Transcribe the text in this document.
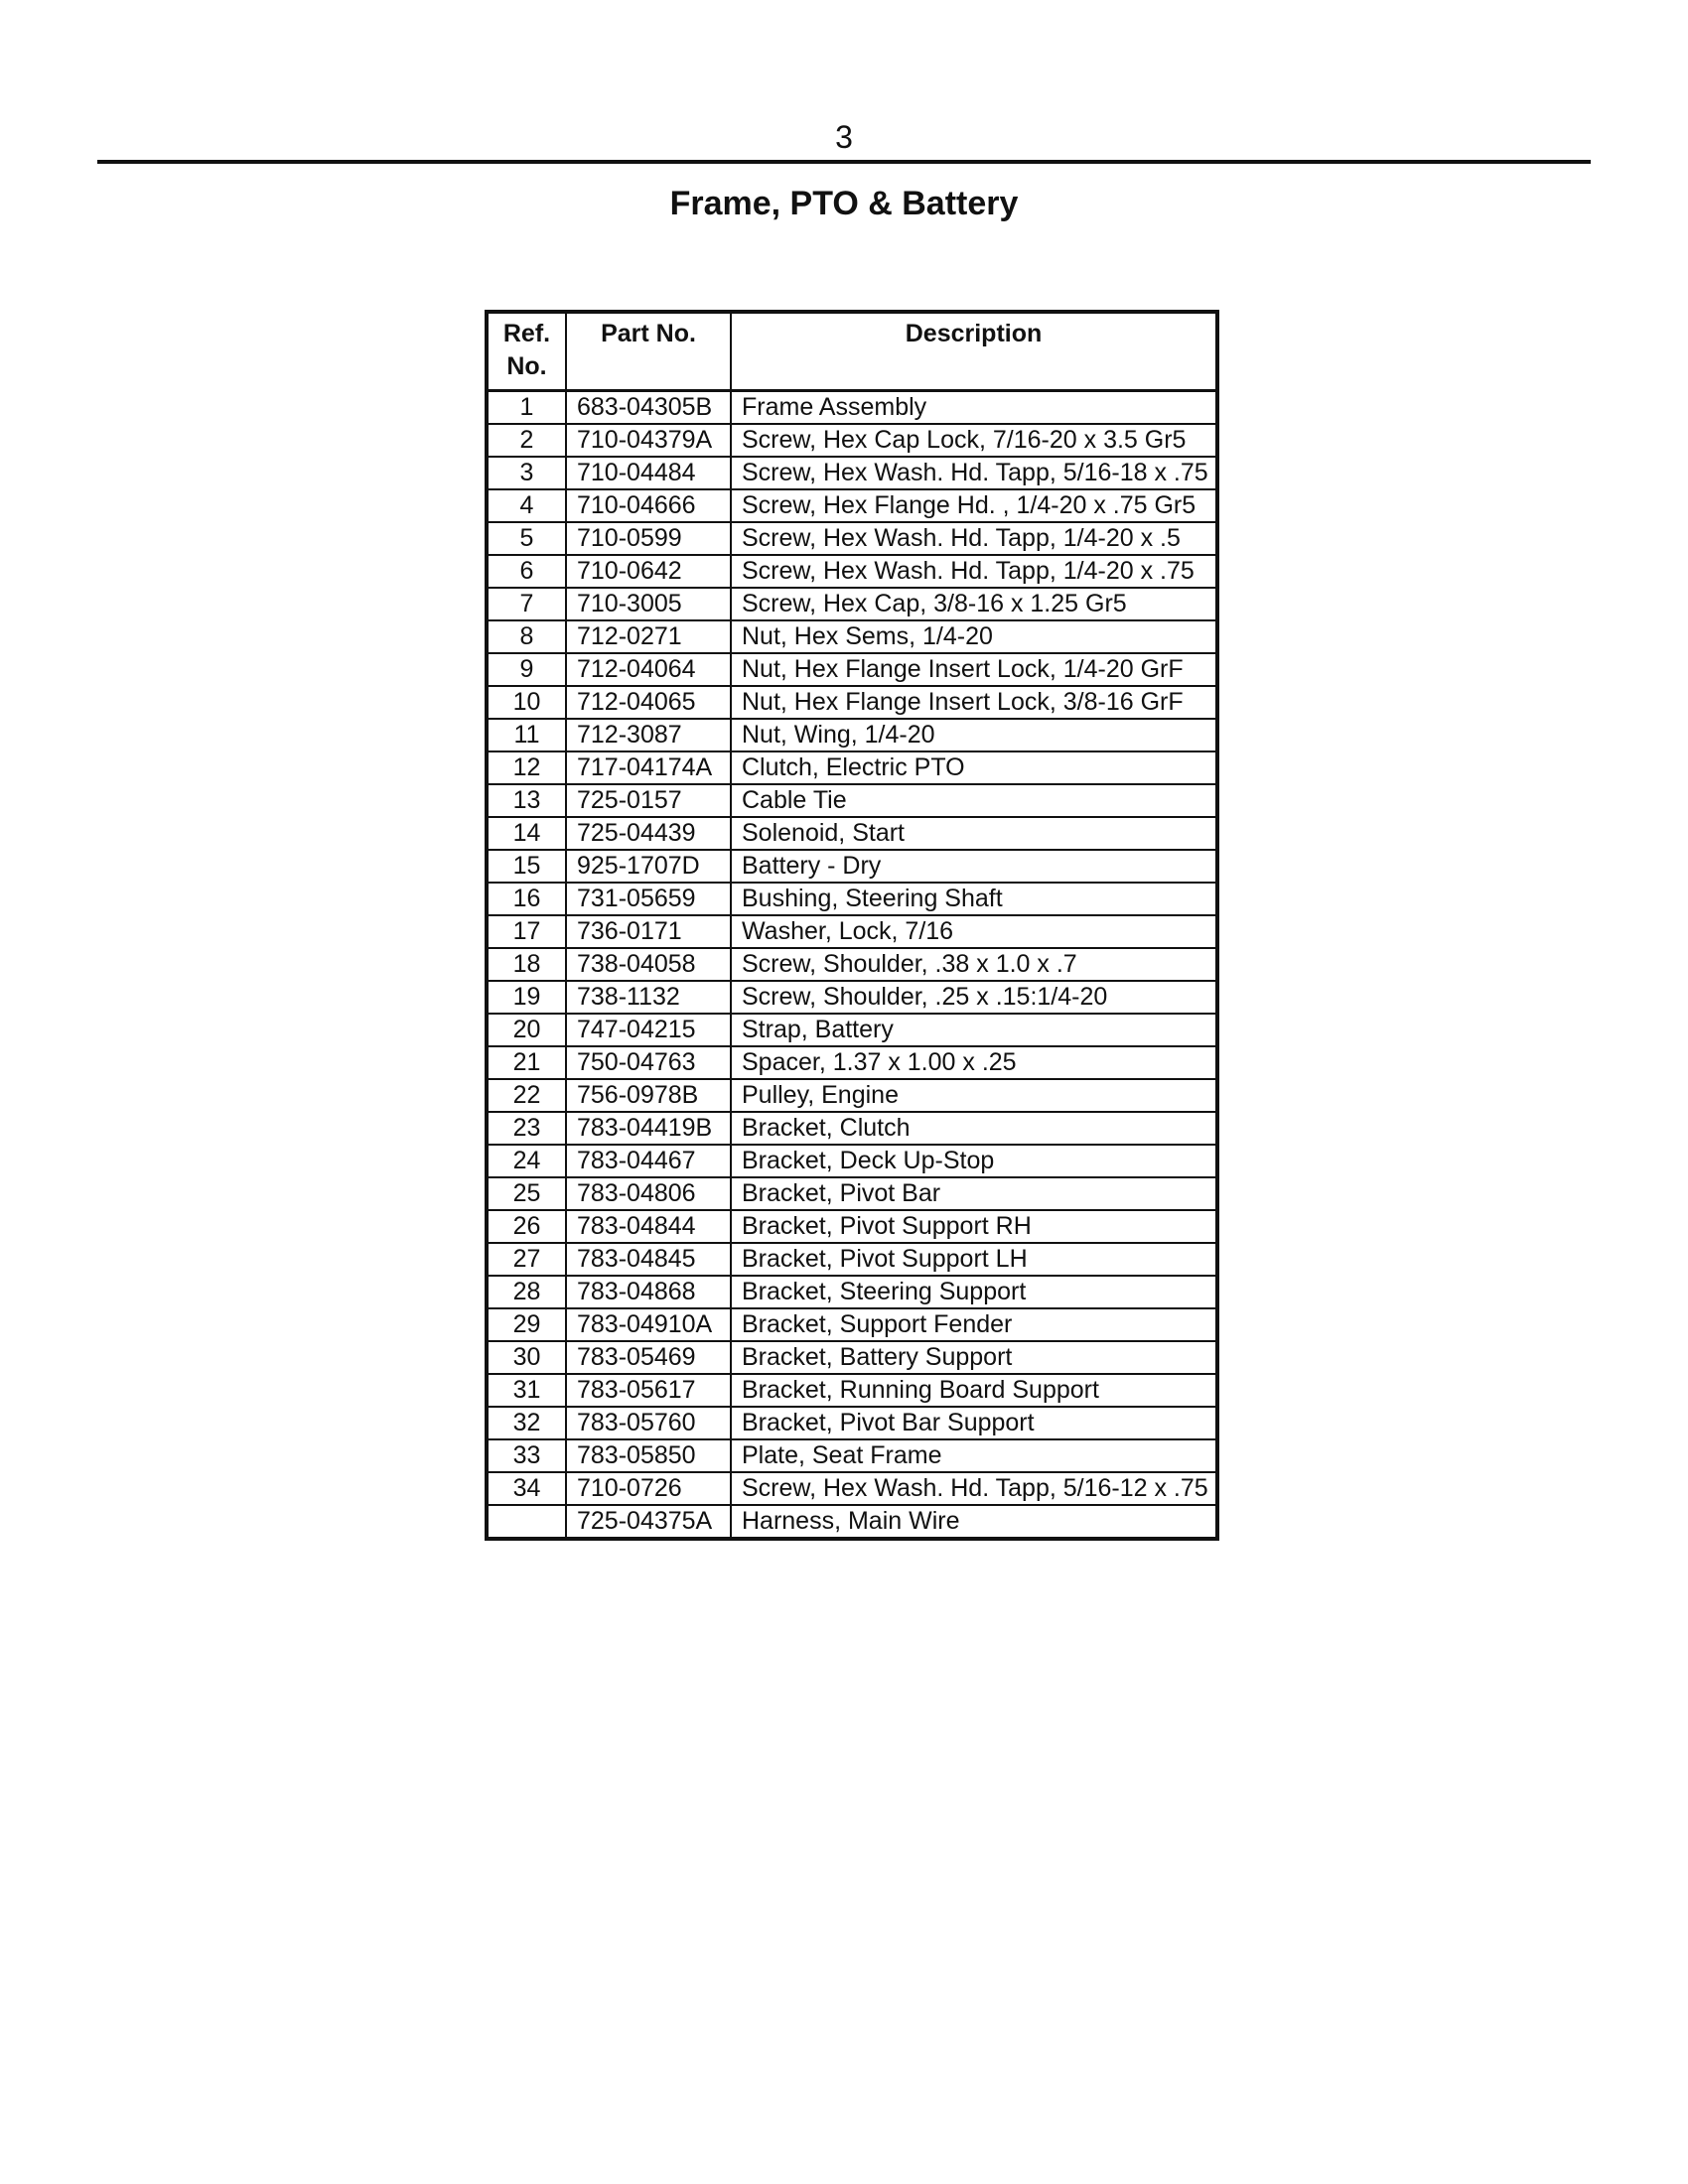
3
Frame, PTO & Battery
Ref. No.	Part No.	Description
1	683-04305B	Frame Assembly
2	710-04379A	Screw, Hex Cap Lock, 7/16-20 x 3.5 Gr5
3	710-04484	Screw, Hex Wash. Hd. Tapp, 5/16-18 x .75
4	710-04666	Screw, Hex Flange Hd. , 1/4-20 x .75 Gr5
5	710-0599	Screw, Hex Wash. Hd. Tapp, 1/4-20 x .5
6	710-0642	Screw, Hex Wash. Hd. Tapp, 1/4-20 x .75
7	710-3005	Screw, Hex Cap, 3/8-16 x 1.25 Gr5
8	712-0271	Nut, Hex Sems, 1/4-20
9	712-04064	Nut, Hex Flange Insert Lock, 1/4-20 GrF
10	712-04065	Nut, Hex Flange Insert Lock, 3/8-16 GrF
11	712-3087	Nut, Wing, 1/4-20
12	717-04174A	Clutch, Electric PTO
13	725-0157	Cable Tie
14	725-04439	Solenoid, Start
15	925-1707D	Battery - Dry
16	731-05659	Bushing, Steering Shaft
17	736-0171	Washer, Lock, 7/16
18	738-04058	Screw, Shoulder, .38 x 1.0 x .7
19	738-1132	Screw, Shoulder, .25 x .15:1/4-20
20	747-04215	Strap, Battery
21	750-04763	Spacer, 1.37 x 1.00 x .25
22	756-0978B	Pulley, Engine
23	783-04419B	Bracket, Clutch
24	783-04467	Bracket, Deck Up-Stop
25	783-04806	Bracket, Pivot Bar
26	783-04844	Bracket, Pivot Support RH
27	783-04845	Bracket, Pivot Support LH
28	783-04868	Bracket, Steering Support
29	783-04910A	Bracket, Support Fender
30	783-05469	Bracket, Battery Support
31	783-05617	Bracket, Running Board Support
32	783-05760	Bracket, Pivot Bar Support
33	783-05850	Plate, Seat Frame
34	710-0726	Screw, Hex Wash. Hd. Tapp, 5/16-12 x .75
	725-04375A	Harness, Main Wire
